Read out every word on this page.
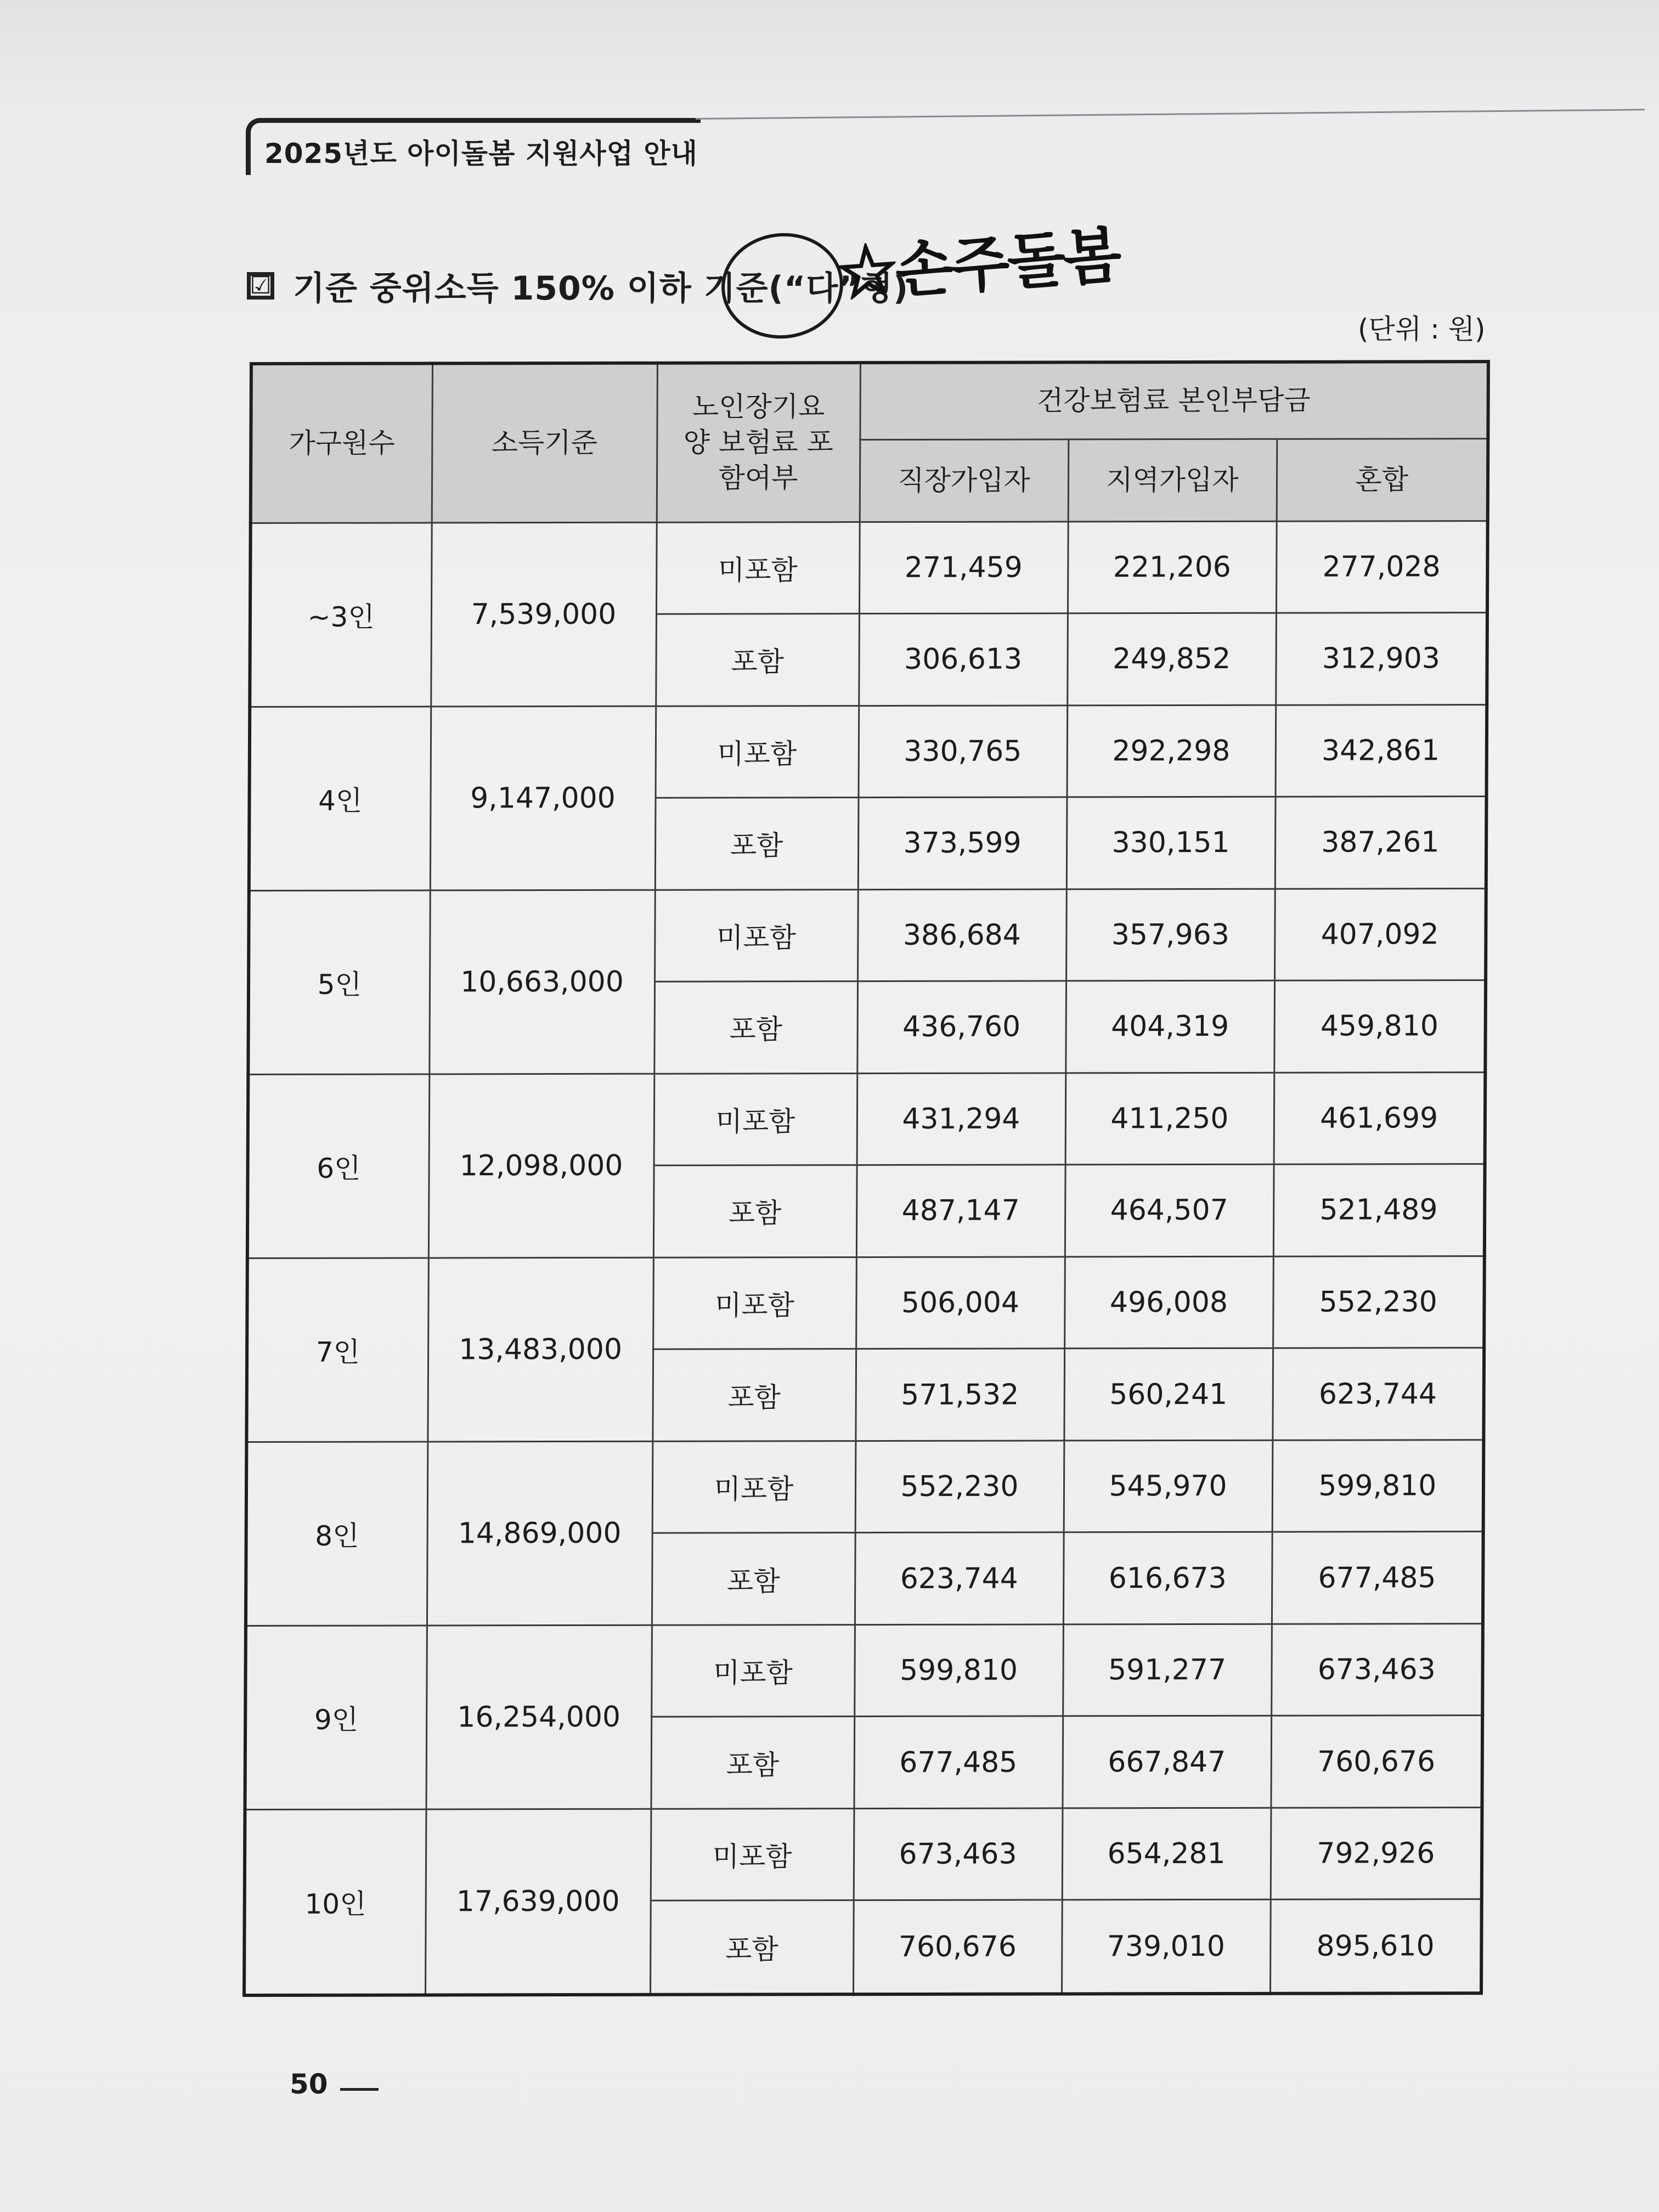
2025년도 아이돌봄 지원사업 안내
☑ 기준 중위소득 150% 이하 기준(“다”형)
☆손주돌봄
(단위 : 원)
가구원수	소득기준	노인장기요양 보험료 포함여부	건강보험료 본인부담금		
			직장가입자	지역가입자	혼합
~3인	7,539,000	미포함	271,459	221,206	277,028
		포함	306,613	249,852	312,903
4인	9,147,000	미포함	330,765	292,298	342,861
		포함	373,599	330,151	387,261
5인	10,663,000	미포함	386,684	357,963	407,092
		포함	436,760	404,319	459,810
6인	12,098,000	미포함	431,294	411,250	461,699
		포함	487,147	464,507	521,489
7인	13,483,000	미포함	506,004	496,008	552,230
		포함	571,532	560,241	623,744
8인	14,869,000	미포함	552,230	545,970	599,810
		포함	623,744	616,673	677,485
9인	16,254,000	미포함	599,810	591,277	673,463
		포함	677,485	667,847	760,676
10인	17,639,000	미포함	673,463	654,281	792,926
		포함	760,676	739,010	895,610
50
